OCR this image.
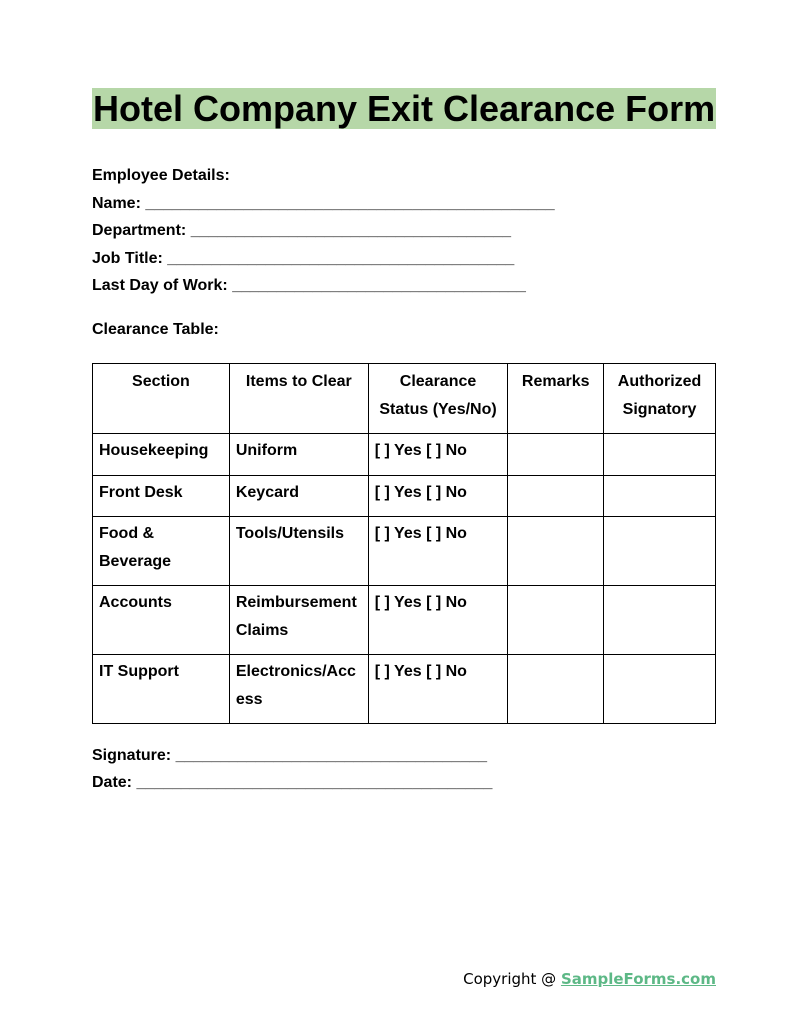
Hotel Company Exit Clearance Form
Employee Details:
Name: ______________________________________________
Department: ____________________________________
Job Title: _______________________________________
Last Day of Work: _________________________________
Clearance Table:
Section	Items to Clear	Clearance Status (Yes/No)	Remarks	Authorized Signatory
Housekeeping	Uniform	[ ] Yes [ ] No		
Front Desk	Keycard	[ ] Yes [ ] No		
Food & Beverage	Tools/Utensils	[ ] Yes [ ] No		
Accounts	Reimbursement Claims	[ ] Yes [ ] No		
IT Support	Electronics/Access	[ ] Yes [ ] No		
Signature: ___________________________________
Date: ________________________________________
Copyright @ SampleForms.com
